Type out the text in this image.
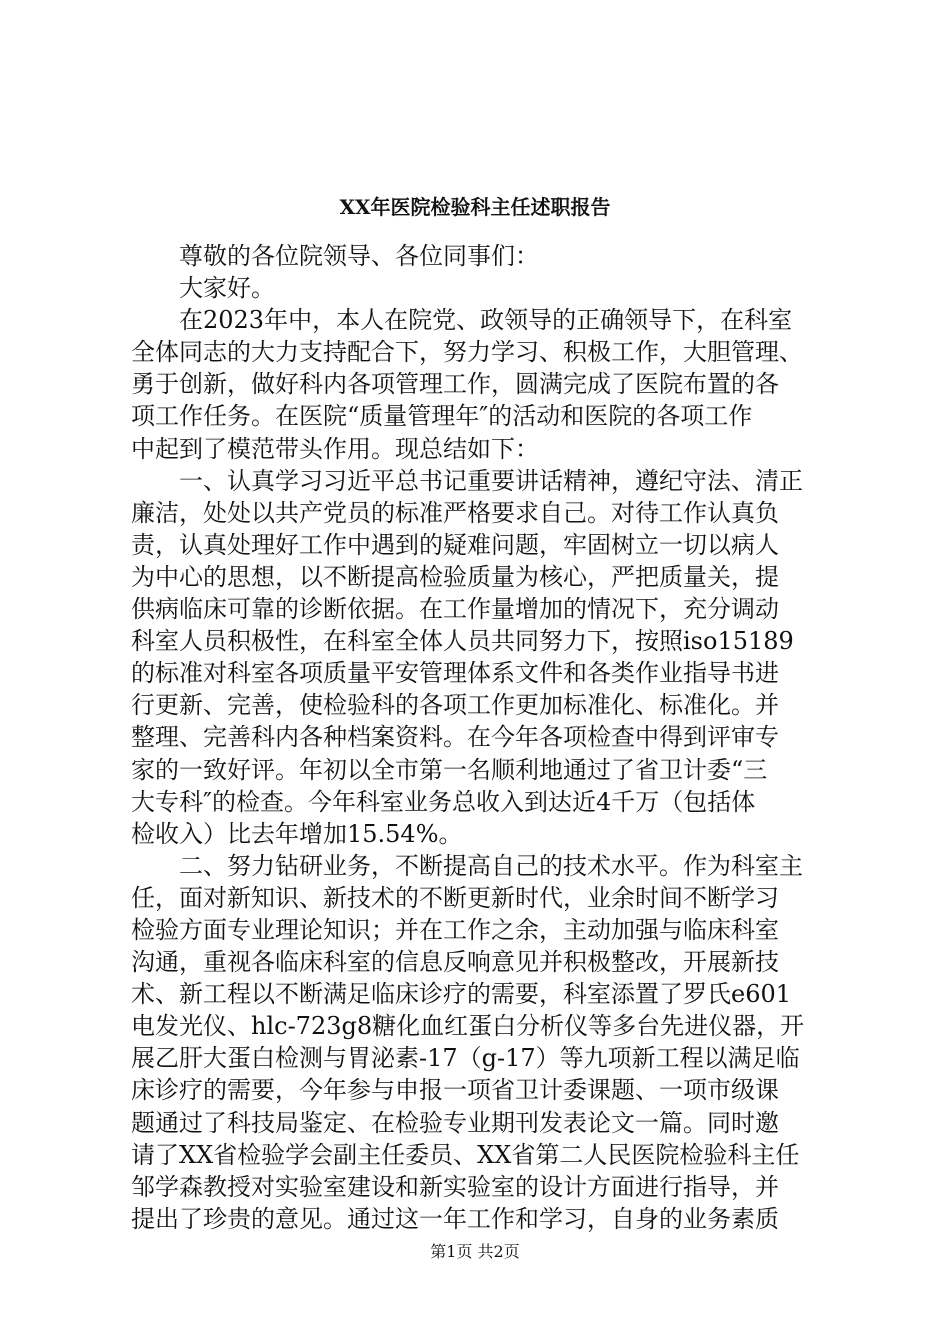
XX年医院检验科主任述职报告
尊敬的各位院领导、各位同事们：
大家好。
在2023年中，本人在院党、政领导的正确领导下，在科室
全体同志的大力支持配合下，努力学习、积极工作，大胆管理、
勇于创新，做好科内各项管理工作，圆满完成了医院布置的各
项工作任务。在医院“质量管理年″的活动和医院的各项工作
中起到了模范带头作用。现总结如下：
一、认真学习习近平总书记重要讲话精神，遵纪守法、清正
廉洁，处处以共产党员的标准严格要求自己。对待工作认真负
责，认真处理好工作中遇到的疑难问题，牢固树立一切以病人
为中心的思想，以不断提高检验质量为核心，严把质量关，提
供病临床可靠的诊断依据。在工作量增加的情况下，充分调动
科室人员积极性，在科室全体人员共同努力下，按照iso15189
的标准对科室各项质量平安管理体系文件和各类作业指导书进
行更新、完善，使检验科的各项工作更加标准化、标准化。并
整理、完善科内各种档案资料。在今年各项检查中得到评审专
家的一致好评。年初以全市第一名顺利地通过了省卫计委“三
大专科″的检查。今年科室业务总收入到达近4千万（包括体
检收入）比去年增加15.54%。
二、努力钻研业务，不断提高自己的技术水平。作为科室主
任，面对新知识、新技术的不断更新时代，业余时间不断学习
检验方面专业理论知识；并在工作之余，主动加强与临床科室
沟通，重视各临床科室的信息反响意见并积极整改，开展新技
术、新工程以不断满足临床诊疗的需要，科室添置了罗氏e601
电发光仪、hlc-723g8糖化血红蛋白分析仪等多台先进仪器，开
展乙肝大蛋白检测与胃泌素-17（g-17）等九项新工程以满足临
床诊疗的需要，今年参与申报一项省卫计委课题、一项市级课
题通过了科技局鉴定、在检验专业期刊发表论文一篇。同时邀
请了XX省检验学会副主任委员、XX省第二人民医院检验科主任
邹学森教授对实验室建设和新实验室的设计方面进行指导，并
提出了珍贵的意见。通过这一年工作和学习，自身的业务素质
第1页 共2页
